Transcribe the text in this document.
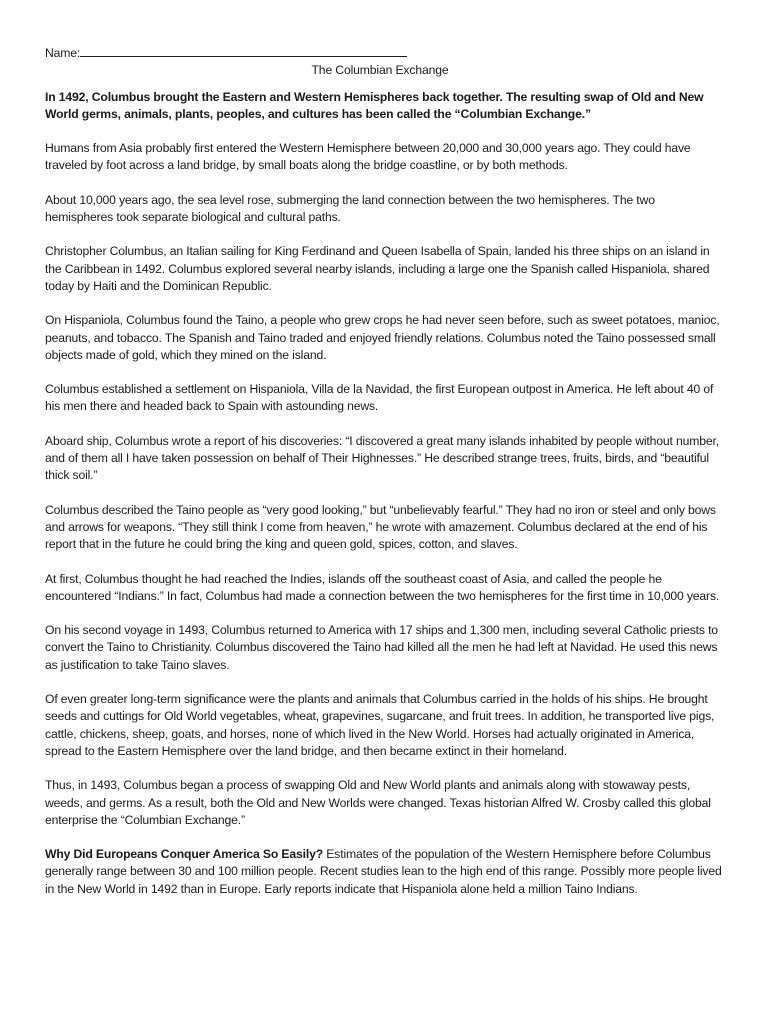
Name:

The Columbian Exchange

In 1492, Columbus brought the Eastern and Western Hemispheres back together. The resulting swap of Old and New World germs, animals, plants, peoples, and cultures has been called the “Columbian Exchange.”

Humans from Asia probably first entered the Western Hemisphere between 20,000 and 30,000 years ago. They could have traveled by foot across a land bridge, by small boats along the bridge coastline, or by both methods.

About 10,000 years ago, the sea level rose, submerging the land connection between the two hemispheres. The two hemispheres took separate biological and cultural paths.

Christopher Columbus, an Italian sailing for King Ferdinand and Queen Isabella of Spain, landed his three ships on an island in the Caribbean in 1492. Columbus explored several nearby islands, including a large one the Spanish called Hispaniola, shared today by Haiti and the Dominican Republic.

On Hispaniola, Columbus found the Taino, a people who grew crops he had never seen before, such as sweet potatoes, manioc, peanuts, and tobacco. The Spanish and Taino traded and enjoyed friendly relations. Columbus noted the Taino possessed small objects made of gold, which they mined on the island.

Columbus established a settlement on Hispaniola, Villa de la Navidad, the first European outpost in America. He left about 40 of his men there and headed back to Spain with astounding news.

Aboard ship, Columbus wrote a report of his discoveries: “I discovered a great many islands inhabited by people without number, and of them all I have taken possession on behalf of Their Highnesses.” He described strange trees, fruits, birds, and “beautiful thick soil.”

Columbus described the Taino people as “very good looking,” but “unbelievably fearful.” They had no iron or steel and only bows and arrows for weapons. “They still think I come from heaven,” he wrote with amazement. Columbus declared at the end of his report that in the future he could bring the king and queen gold, spices, cotton, and slaves.

At first, Columbus thought he had reached the Indies, islands off the southeast coast of Asia, and called the people he encountered “Indians.” In fact, Columbus had made a connection between the two hemispheres for the first time in 10,000 years.

On his second voyage in 1493, Columbus returned to America with 17 ships and 1,300 men, including several Catholic priests to convert the Taino to Christianity. Columbus discovered the Taino had killed all the men he had left at Navidad. He used this news as justification to take Taino slaves.

Of even greater long-term significance were the plants and animals that Columbus carried in the holds of his ships. He brought seeds and cuttings for Old World vegetables, wheat, grapevines, sugarcane, and fruit trees. In addition, he transported live pigs, cattle, chickens, sheep, goats, and horses, none of which lived in the New World. Horses had actually originated in America, spread to the Eastern Hemisphere over the land bridge, and then became extinct in their homeland.

Thus, in 1493, Columbus began a process of swapping Old and New World plants and animals along with stowaway pests, weeds, and germs. As a result, both the Old and New Worlds were changed. Texas historian Alfred W. Crosby called this global enterprise the “Columbian Exchange.”

Why Did Europeans Conquer America So Easily? Estimates of the population of the Western Hemisphere before Columbus generally range between 30 and 100 million people. Recent studies lean to the high end of this range. Possibly more people lived in the New World in 1492 than in Europe. Early reports indicate that Hispaniola alone held a million Taino Indians.
